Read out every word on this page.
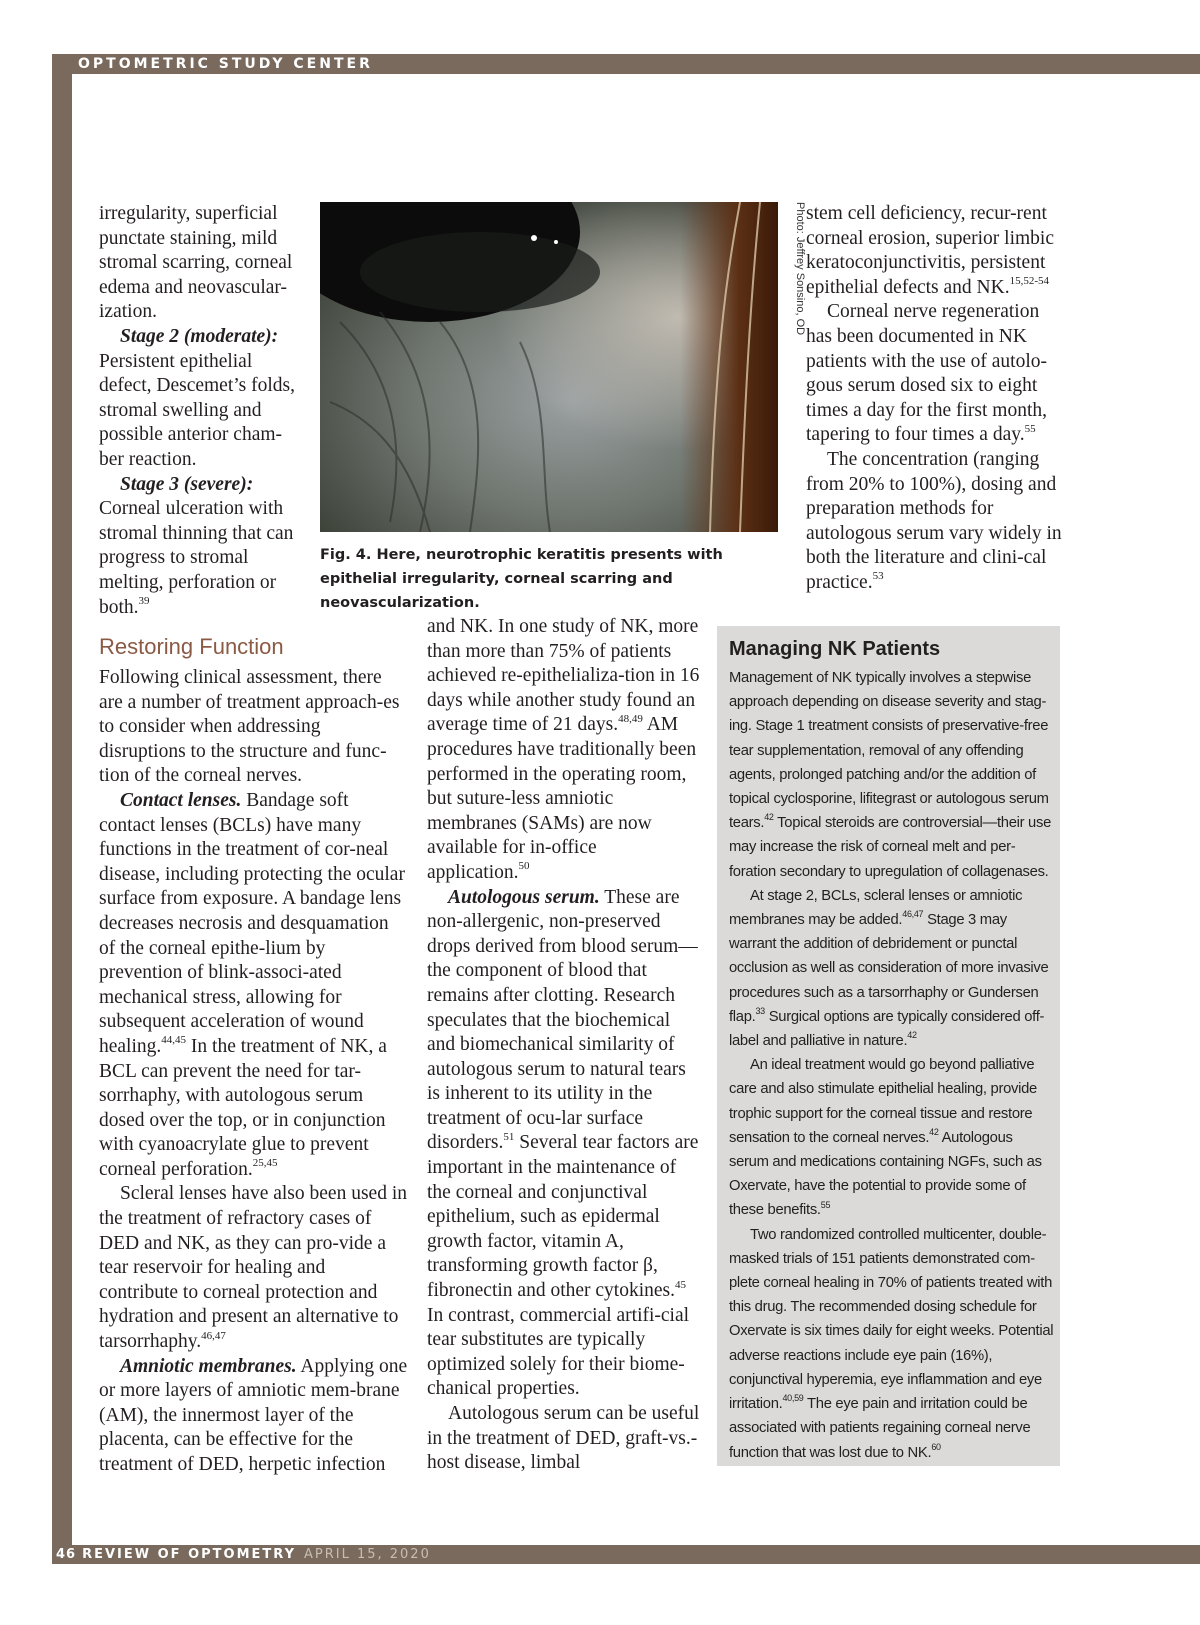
OPTOMETRIC STUDY CENTER
46 REVIEW OF OPTOMETRY APRIL 15, 2020

irregularity, superficial punctate staining, mild stromal scarring, corneal edema and neovascular-ization.

Stage 2 (moderate):

Persistent epithelial defect, Descemet’s folds, stromal swelling and possible anterior cham-ber reaction.

Stage 3 (severe):

Corneal ulceration with stromal thinning that can progress to stromal melting, perforation or both.$^{39}$

Photo: Jeffrey Sonsino, OD
Fig. 4. Here, neurotrophic keratitis presents with epithelial irregularity, corneal scarring and neovascularization.
Restoring Function

Following clinical assessment, there are a number of treatment approach-es to consider when addressing disruptions to the structure and func-tion of the corneal nerves.

Contact lenses. Bandage soft contact lenses (BCLs) have many functions in the treatment of cor-neal disease, including protecting the ocular surface from exposure. A bandage lens decreases necrosis and desquamation of the corneal epithe-lium by prevention of blink-associ-ated mechanical stress, allowing for subsequent acceleration of wound healing.$^{44,45}$ In the treatment of NK, a BCL can prevent the need for tar-sorrhaphy, with autologous serum dosed over the top, or in conjunction with cyanoacrylate glue to prevent corneal perforation.$^{25,45}$

Scleral lenses have also been used in the treatment of refractory cases of DED and NK, as they can pro-vide a tear reservoir for healing and contribute to corneal protection and hydration and present an alternative to tarsorrhaphy.$^{46,47}$

Amniotic membranes. Applying one or more layers of amniotic mem-brane (AM), the innermost layer of the placenta, can be effective for the treatment of DED, herpetic infection

and NK. In one study of NK, more than more than 75% of patients achieved re-epithelializa-tion in 16 days while another study found an average time of 21 days.$^{48,49}$ AM procedures have traditionally been performed in the operating room, but suture-less amniotic membranes (SAMs) are now available for in-office application.$^{50}$

Autologous serum. These are non-allergenic, non-preserved drops derived from blood serum—the component of blood that remains after clotting. Research speculates that the biochemical and biomechanical similarity of autologous serum to natural tears is inherent to its utility in the treatment of ocu-lar surface disorders.$^{51}$ Several tear factors are important in the maintenance of the corneal and conjunctival epithelium, such as epidermal growth factor, vitamin A, transforming growth factor β, fibronectin and other cytokines.$^{45}$ In contrast, commercial artifi-cial tear substitutes are typically optimized solely for their biome-chanical properties.

Autologous serum can be useful in the treatment of DED, graft-vs.-host disease, limbal

stem cell deficiency, recur-rent corneal erosion, superior limbic keratoconjunctivitis, persistent epithelial defects and NK.$^{15,52-54}$

Corneal nerve regeneration has been documented in NK patients with the use of autolo-gous serum dosed six to eight times a day for the first month, tapering to four times a day.$^{55}$

The concentration (ranging from 20% to 100%), dosing and preparation methods for autologous serum vary widely in both the literature and clini-cal practice.$^{53}$

Managing NK Patients

Management of NK typically involves a stepwise approach depending on disease severity and stag-ing. Stage 1 treatment consists of preservative-free tear supplementation, removal of any offending agents, prolonged patching and/or the addition of topical cyclosporine, lifitegrast or autologous serum tears.$^{42}$ Topical steroids are controversial—their use may increase the risk of corneal melt and per-foration secondary to upregulation of collagenases.

At stage 2, BCLs, scleral lenses or amniotic membranes may be added.$^{46,47}$ Stage 3 may warrant the addition of debridement or punctal occlusion as well as consideration of more invasive procedures such as a tarsorrhaphy or Gundersen flap.$^{33}$ Surgical options are typically considered off-label and palliative in nature.$^{42}$

An ideal treatment would go beyond palliative care and also stimulate epithelial healing, provide trophic support for the corneal tissue and restore sensation to the corneal nerves.$^{42}$ Autologous serum and medications containing NGFs, such as Oxervate, have the potential to provide some of these benefits.$^{55}$

Two randomized controlled multicenter, double-masked trials of 151 patients demonstrated com-plete corneal healing in 70% of patients treated with this drug. The recommended dosing schedule for Oxervate is six times daily for eight weeks. Potential adverse reactions include eye pain (16%), conjunctival hyperemia, eye inflammation and eye irritation.$^{40,59}$ The eye pain and irritation could be associated with patients regaining corneal nerve function that was lost due to NK.$^{60}$
